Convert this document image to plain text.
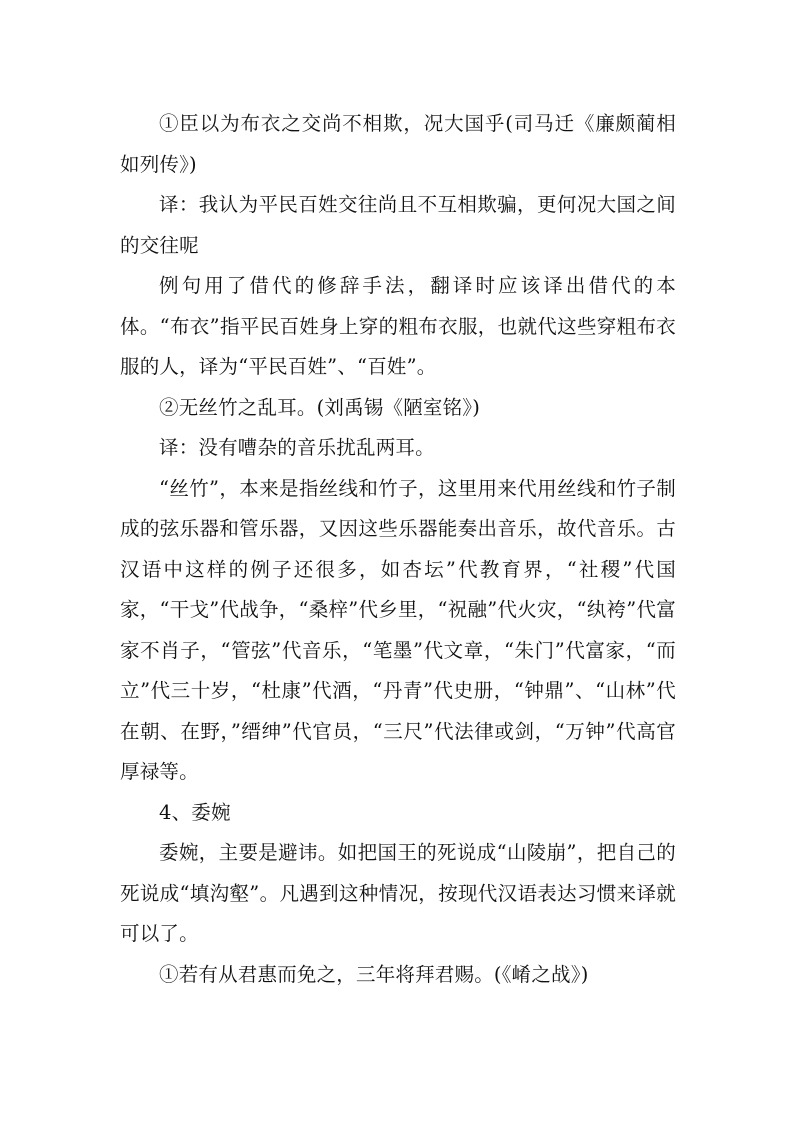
①臣以为布衣之交尚不相欺，况大国乎(司马迁《廉颇蔺相如列传》)

译：我认为平民百姓交往尚且不互相欺骗，更何况大国之间的交往呢

例句用了借代的修辞手法，翻译时应该译出借代的本体。“布衣”指平民百姓身上穿的粗布衣服，也就代这些穿粗布衣服的人，译为“平民百姓”、“百姓”。

②无丝竹之乱耳。(刘禹锡《陋室铭》)

译：没有嘈杂的音乐扰乱两耳。

“丝竹”，本来是指丝线和竹子，这里用来代用丝线和竹子制成的弦乐器和管乐器，又因这些乐器能奏出音乐，故代音乐。古汉语中这样的例子还很多，如杏坛”代教育界，“社稷”代国家，“干戈”代战争，“桑梓”代乡里，“祝融”代火灾，“纨袴”代富家不肖子，“管弦”代音乐，“笔墨”代文章，“朱门”代富家，“而立”代三十岁，“杜康”代酒，“丹青”代史册，“钟鼎”、“山林”代在朝、在野，”缙绅”代官员，“三尺”代法律或剑，“万钟”代高官厚禄等。

4、委婉

委婉，主要是避讳。如把国王的死说成“山陵崩”，把自己的死说成“填沟壑”。凡遇到这种情况，按现代汉语表达习惯来译就可以了。

①若有从君惠而免之，三年将拜君赐。(《崤之战》)
